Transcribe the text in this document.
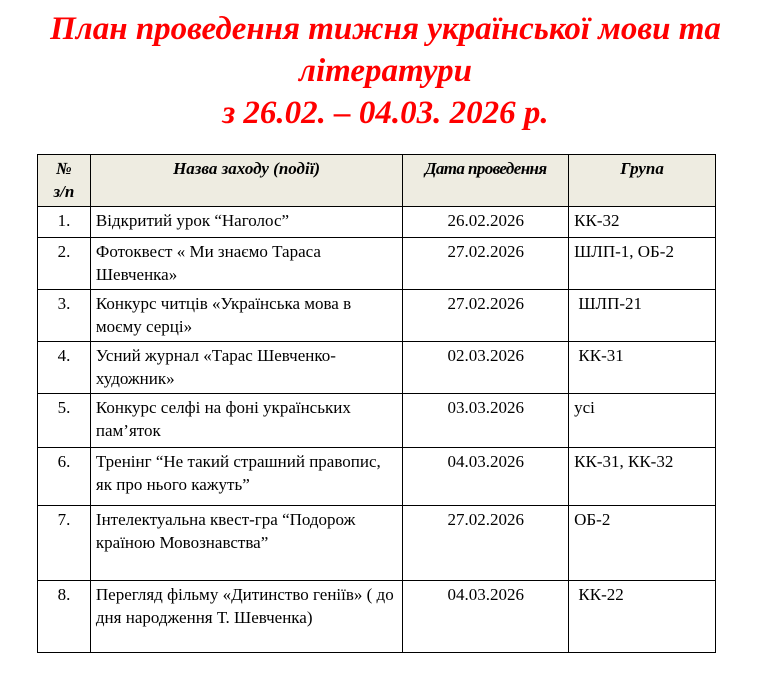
План проведення тижня української мови та
літератури
з 26.02. – 04.03. 2026 р.
№
з/п	Назва заходу (події)	Дата проведення	Група
1.	Відкритий урок “Наголос”	26.02.2026	КК-32
2.	Фотоквест « Ми знаємо Тараса Шевченка»	27.02.2026	ШЛП-1, ОБ-2
3.	Конкурс читців «Українська мова в моєму серці»	27.02.2026	ШЛП-21
4.	Усний журнал «Тарас Шевченко-художник»	02.03.2026	КК-31
5.	Конкурс селфі на фоні українських пам’яток	03.03.2026	усі
6.	Тренінг “Не такий страшний правопис, як про нього кажуть”	04.03.2026	КК-31, КК-32
7.	Інтелектуальна квест-гра “Подорож країною Мовознавства”	27.02.2026	ОБ-2
8.	Перегляд фільму «Дитинство геніїв» ( до дня народження Т. Шевченка)	04.03.2026	КК-22
